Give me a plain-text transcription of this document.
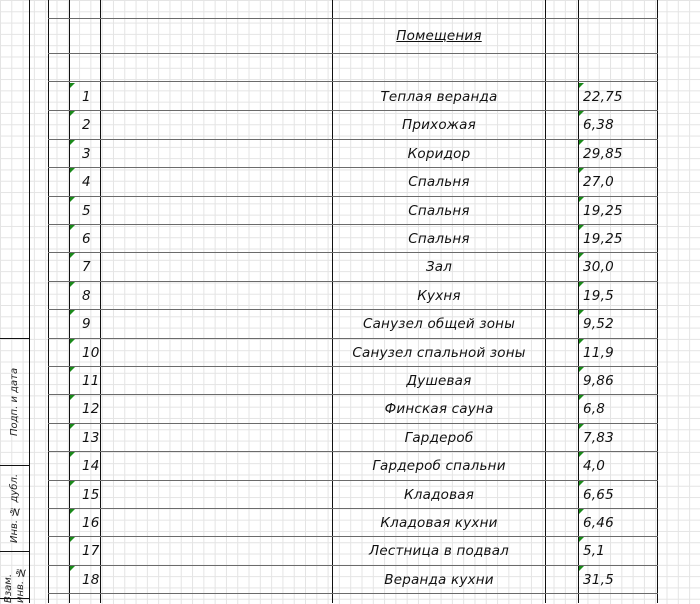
Помещения
1	Теплая веранда	22,75
2	Прихожая	6,38
3	Коридор	29,85
4	Спальня	27,0
5	Спальня	19,25
6	Спальня	19,25
7	Зал	30,0
8	Кухня	19,5
9	Санузел общей зоны	9,52
10	Санузел спальной зоны	11,9
11	Душевая	9,86
12	Финская сауна	6,8
13	Гардероб	7,83
14	Гардероб спальни	4,0
15	Кладовая	6,65
16	Кладовая кухни	6,46
17	Лестница в подвал	5,1
18	Веранда кухни	31,5
Подп. и дата
Инв. № дубл.
Взам. инв. №
